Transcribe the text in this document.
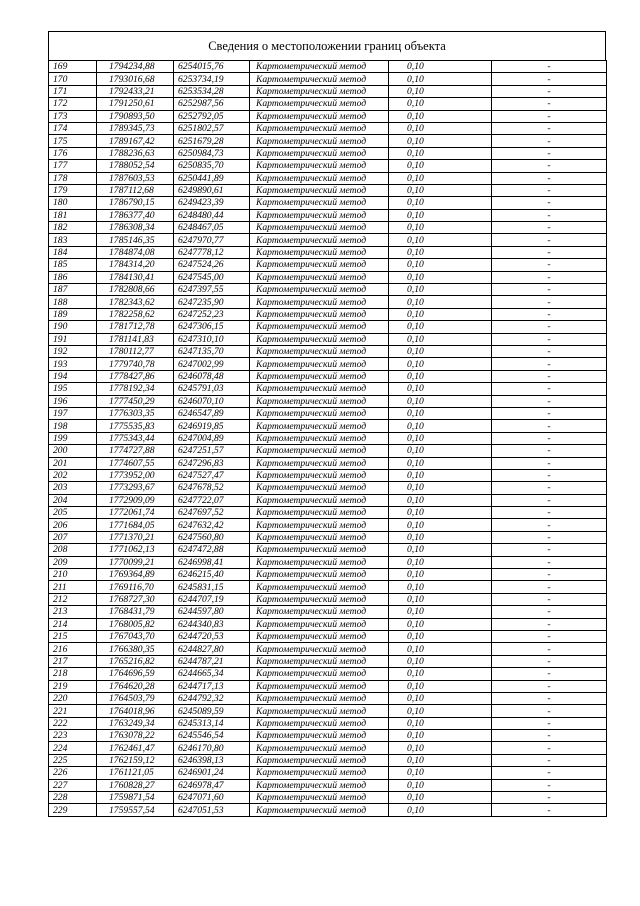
Сведения о местоположении границ объекта
169	1794234,88	6254015,76	Картометрический метод	0,10	-
170	1793016,68	6253734,19	Картометрический метод	0,10	-
171	1792433,21	6253534,28	Картометрический метод	0,10	-
172	1791250,61	6252987,56	Картометрический метод	0,10	-
173	1790893,50	6252792,05	Картометрический метод	0,10	-
174	1789345,73	6251802,57	Картометрический метод	0,10	-
175	1789167,42	6251679,28	Картометрический метод	0,10	-
176	1788236,63	6250984,73	Картометрический метод	0,10	-
177	1788052,54	6250835,70	Картометрический метод	0,10	-
178	1787603,53	6250441,89	Картометрический метод	0,10	-
179	1787112,68	6249890,61	Картометрический метод	0,10	-
180	1786790,15	6249423,39	Картометрический метод	0,10	-
181	1786377,40	6248480,44	Картометрический метод	0,10	-
182	1786308,34	6248467,05	Картометрический метод	0,10	-
183	1785146,35	6247970,77	Картометрический метод	0,10	-
184	1784874,08	6247778,12	Картометрический метод	0,10	-
185	1784314,20	6247524,26	Картометрический метод	0,10	-
186	1784130,41	6247545,00	Картометрический метод	0,10	-
187	1782808,66	6247397,55	Картометрический метод	0,10	-
188	1782343,62	6247235,90	Картометрический метод	0,10	-
189	1782258,62	6247252,23	Картометрический метод	0,10	-
190	1781712,78	6247306,15	Картометрический метод	0,10	-
191	1781141,83	6247310,10	Картометрический метод	0,10	-
192	1780112,77	6247135,70	Картометрический метод	0,10	-
193	1779740,78	6247002,99	Картометрический метод	0,10	-
194	1778427,86	6246078,48	Картометрический метод	0,10	-
195	1778192,34	6245791,03	Картометрический метод	0,10	-
196	1777450,29	6246070,10	Картометрический метод	0,10	-
197	1776303,35	6246547,89	Картометрический метод	0,10	-
198	1775535,83	6246919,85	Картометрический метод	0,10	-
199	1775343,44	6247004,89	Картометрический метод	0,10	-
200	1774727,88	6247251,57	Картометрический метод	0,10	-
201	1774607,55	6247296,83	Картометрический метод	0,10	-
202	1773952,00	6247527,47	Картометрический метод	0,10	-
203	1773293,67	6247678,52	Картометрический метод	0,10	-
204	1772909,09	6247722,07	Картометрический метод	0,10	-
205	1772061,74	6247697,52	Картометрический метод	0,10	-
206	1771684,05	6247632,42	Картометрический метод	0,10	-
207	1771370,21	6247560,80	Картометрический метод	0,10	-
208	1771062,13	6247472,88	Картометрический метод	0,10	-
209	1770099,21	6246998,41	Картометрический метод	0,10	-
210	1769364,89	6246215,40	Картометрический метод	0,10	-
211	1769116,70	6245831,15	Картометрический метод	0,10	-
212	1768727,30	6244707,19	Картометрический метод	0,10	-
213	1768431,79	6244597,80	Картометрический метод	0,10	-
214	1768005,82	6244340,83	Картометрический метод	0,10	-
215	1767043,70	6244720,53	Картометрический метод	0,10	-
216	1766380,35	6244827,80	Картометрический метод	0,10	-
217	1765216,82	6244787,21	Картометрический метод	0,10	-
218	1764696,59	6244665,34	Картометрический метод	0,10	-
219	1764620,28	6244717,13	Картометрический метод	0,10	-
220	1764503,79	6244792,32	Картометрический метод	0,10	-
221	1764018,96	6245089,59	Картометрический метод	0,10	-
222	1763249,34	6245313,14	Картометрический метод	0,10	-
223	1763078,22	6245546,54	Картометрический метод	0,10	-
224	1762461,47	6246170,80	Картометрический метод	0,10	-
225	1762159,12	6246398,13	Картометрический метод	0,10	-
226	1761121,05	6246901,24	Картометрический метод	0,10	-
227	1760828,27	6246978,47	Картометрический метод	0,10	-
228	1759871,54	6247071,60	Картометрический метод	0,10	-
229	1759557,54	6247051,53	Картометрический метод	0,10	-
